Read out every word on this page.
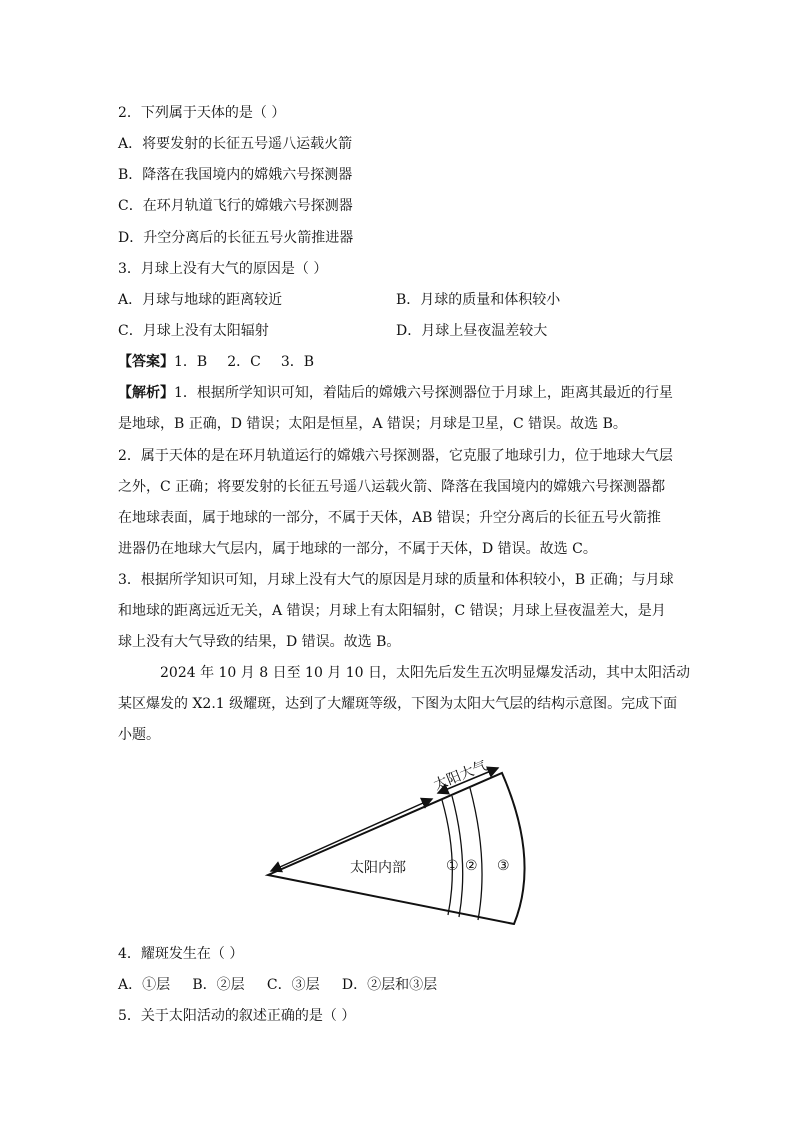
2．下列属于天体的是（ ）
A．将要发射的长征五号遥八运载火箭
B．降落在我国境内的嫦娥六号探测器
C．在环月轨道飞行的嫦娥六号探测器
D．升空分离后的长征五号火箭推进器
3．月球上没有大气的原因是（ ）
A．月球与地球的距离较近	B．月球的质量和体积较小
C．月球上没有太阳辐射	D．月球上昼夜温差较大
【答案】1．B 2．C 3．B
【解析】1．根据所学知识可知，着陆后的嫦娥六号探测器位于月球上，距离其最近的行星
是地球，B 正确，D 错误；太阳是恒星，A 错误；月球是卫星，C 错误。故选 B。
2．属于天体的是在环月轨道运行的嫦娥六号探测器，它克服了地球引力，位于地球大气层
之外，C 正确；将要发射的长征五号遥八运载火箭、降落在我国境内的嫦娥六号探测器都
在地球表面，属于地球的一部分，不属于天体，AB 错误；升空分离后的长征五号火箭推
进器仍在地球大气层内，属于地球的一部分，不属于天体，D 错误。故选 C。
3．根据所学知识可知，月球上没有大气的原因是月球的质量和体积较小，B 正确；与月球
和地球的距离远近无关，A 错误；月球上有太阳辐射，C 错误；月球上昼夜温差大，是月
球上没有大气导致的结果，D 错误。故选 B。
2024 年 10 月 8 日至 10 月 10 日，太阳先后发生五次明显爆发活动，其中太阳活动
某区爆发的 X2.1 级耀斑，达到了大耀斑等级，下图为太阳大气层的结构示意图。完成下面
小题。
太阳大气
太阳内部	① ② ③
4．耀斑发生在（ ）
A．①层     B．②层     C．③层     D．②层和③层
5．关于太阳活动的叙述正确的是（ ）
